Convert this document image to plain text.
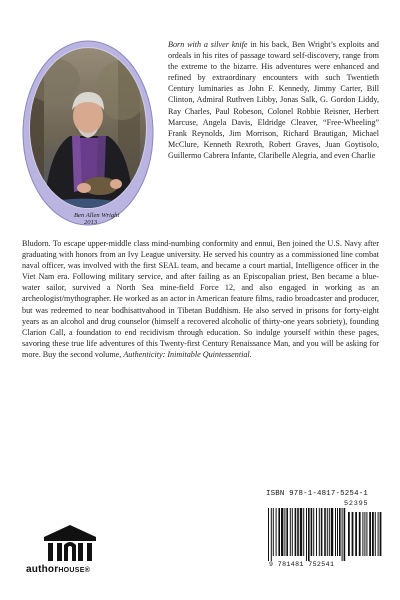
Ben Allen Wright
2013
Born with a silver knife in his back, Ben Wright’s exploits and ordeals in his rites of passage toward self-discovery, range from the extreme to the bizarre. His adventures were enhanced and refined by extraordinary encounters with such Twentieth Century luminaries as John F. Kennedy, Jimmy Carter, Bill Clinton, Admiral Ruthven Libby, Jonas Salk, G. Gordon Liddy, Ray Charles, Paul Robeson, Colonel Robbie Reisner, Herbert Marcuse, Angela Davis, Eldridge Cleaver, “Free-Wheeling” Frank Reynolds, Jim Morrison, Richard Brautigan, Michael McClure, Kenneth Rexroth, Robert Graves, Juan Goytisolo, Guillermo Cabrera Infante, Claribelle Alegria, and even Charlie
Bludorn. To escape upper-middle class mind-numbing conformity and ennui, Ben joined the U.S. Navy after graduating with honors from an Ivy League university. He served his country as a commissioned line combat naval officer, was involved with the first SEAL team, and became a court martial, Intelligence officer in the Viet Nam era. Following military service, and after failing as an Episcopalian priest, Ben became a blue-water sailor, survived a North Sea mine-field Force 12, and also engaged in working as an archeologist/mythographer. He worked as an actor in American feature films, radio broadcaster and producer, but was redeemed to near bodhisattvahood in Tibetan Buddhism. He also served in prisons for forty-eight years as an alcohol and drug counselor (himself a recovered alcoholic of thirty-one years sobriety), founding Clarion Call, a foundation to end recidivism through education. So indulge yourself within these pages, savoring these true life adventures of this Twenty-first Century Renaissance Man, and you will be asking for more. Buy the second volume, Authenticity: Inimitable Quintessential.
authorHOUSE®
ISBN 978-1-4817-5254-1
52395
9 781481 752541
